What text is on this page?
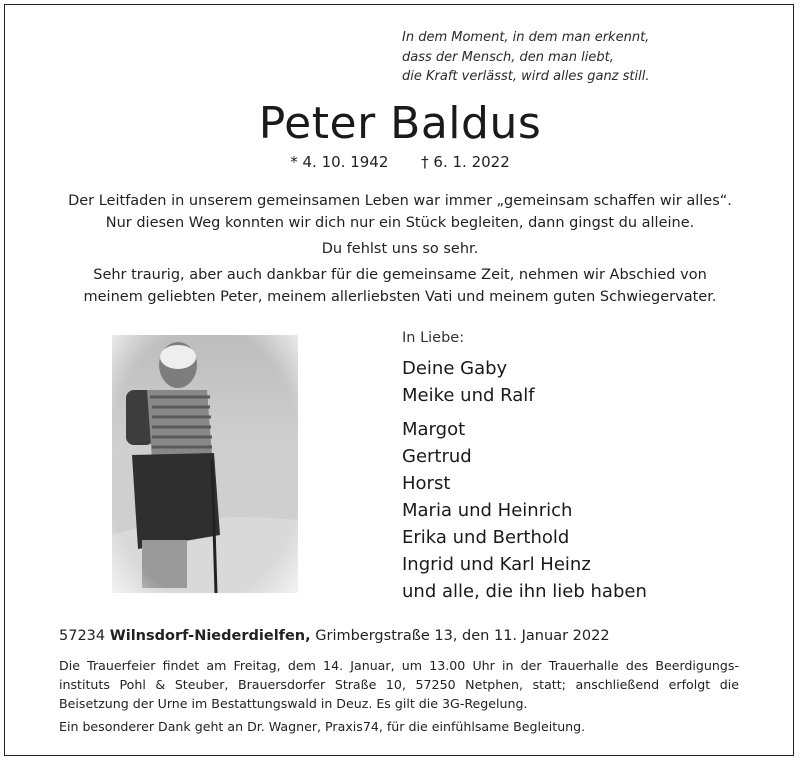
In dem Moment, in dem man erkennt,
dass der Mensch, den man liebt,
die Kraft verlässt, wird alles ganz still.
Peter Baldus
* 4. 10. 1942 † 6. 1. 2022
Der Leitfaden in unserem gemeinsamen Leben war immer „gemeinsam schaffen wir alles“.
Nur diesen Weg konnten wir dich nur ein Stück begleiten, dann gingst du alleine.
Du fehlst uns so sehr.
Sehr traurig, aber auch dankbar für die gemeinsame Zeit, nehmen wir Abschied von
meinem geliebten Peter, meinem allerliebsten Vati und meinem guten Schwiegervater.
In Liebe:
Deine Gaby
Meike und Ralf
Margot
Gertrud
Horst
Maria und Heinrich
Erika und Berthold
Ingrid und Karl Heinz
und alle, die ihn lieb haben
57234 Wilnsdorf-Niederdielfen, Grimbergstraße 13, den 11. Januar 2022
Die Trauerfeier findet am Freitag, dem 14. Januar, um 13.00 Uhr in der Trauerhalle des Beerdigungs-
instituts Pohl & Steuber, Brauersdorfer Straße 10, 57250 Netphen, statt; anschließend erfolgt die
Beisetzung der Urne im Bestattungswald in Deuz. Es gilt die 3G-Regelung.
Ein besonderer Dank geht an Dr. Wagner, Praxis74, für die einfühlsame Begleitung.
